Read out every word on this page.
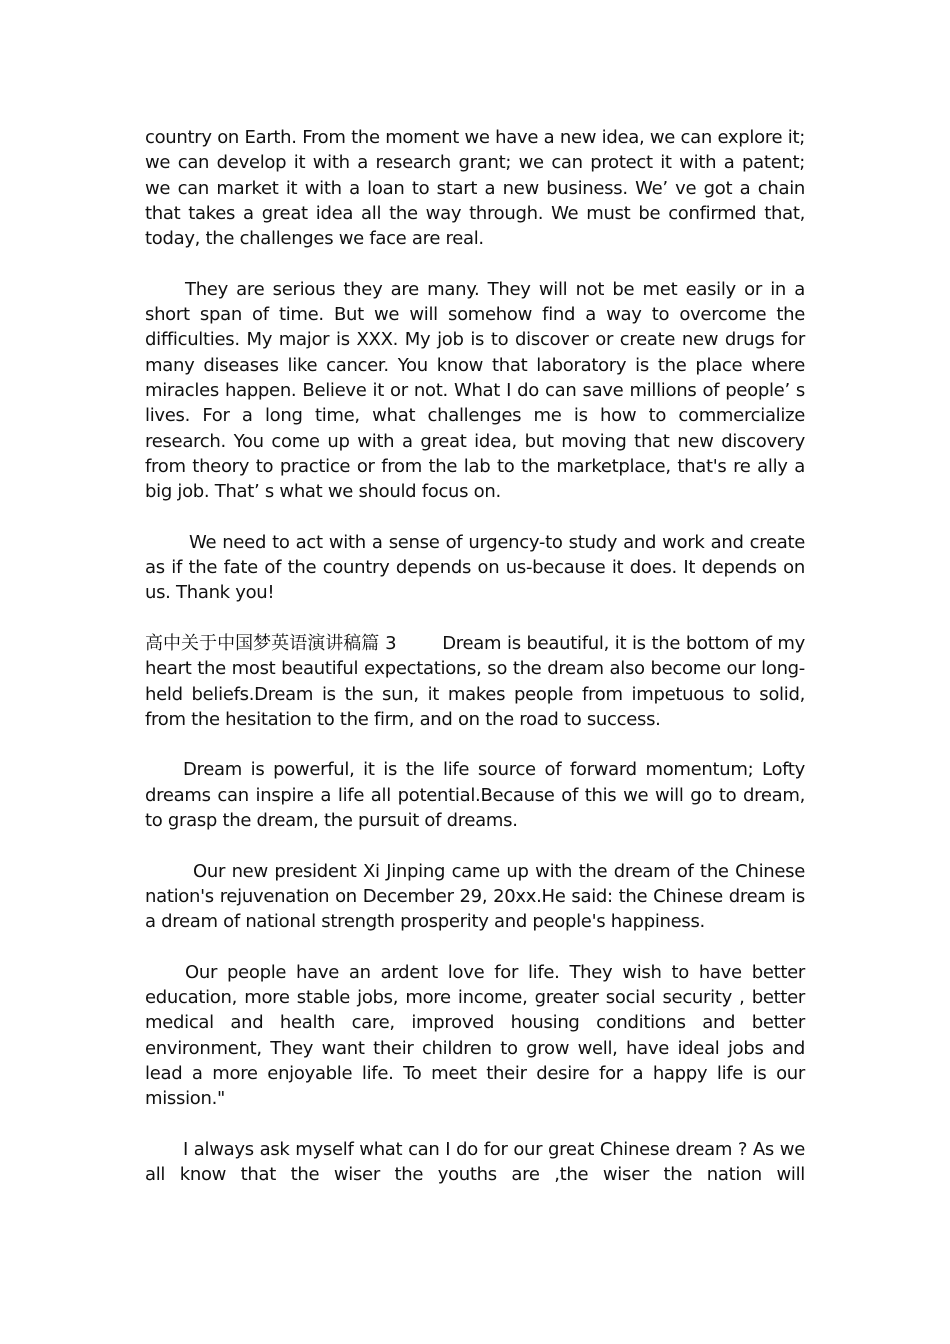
country on Earth. From the moment we have a new idea, we can explore it; we can develop it with a research grant; we can protect it with a patent; we can market it with a loan to start a new business. We’ ve got a chain that takes a great idea all the way through. We must be confirmed that, today, the challenges we face are real.

They are serious they are many. They will not be met easily or in a short span of time. But we will somehow find a way to overcome the difficulties. My major is XXX. My job is to discover or create new drugs for many diseases like cancer. You know that laboratory is the place where miracles happen. Believe it or not. What I do can save millions of people’ s lives. For a long time, what challenges me is how to commercialize research. You come up with a great idea, but moving that new discovery from theory to practice or from the lab to the marketplace, that's re ally a big job. That’ s what we should focus on.

We need to act with a sense of urgency-to study and work and create as if the fate of the country depends on us-because it does. It depends on us. Thank you!

高中关于中国梦英语演讲稿篇 3	Dream is beautiful, it is the bottom of my heart the most beautiful expectations, so the dream also become our long-held beliefs.Dream is the sun, it makes people from impetuous to solid, from the hesitation to the firm, and on the road to success.

Dream is powerful, it is the life source of forward momentum; Lofty dreams can inspire a life all potential.Because of this we will go to dream, to grasp the dream, the pursuit of dreams.

Our new president Xi Jinping came up with the dream of the Chinese nation's rejuvenation on December 29, 20xx.He said: the Chinese dream is a dream of national strength prosperity and people's happiness.

Our people have an ardent love for life. They wish to have better education, more stable jobs, more income, greater social security , better medical and health care, improved housing conditions and better environment, They want their children to grow well, have ideal jobs and lead a more enjoyable life. To meet their desire for a happy life is our mission."

I always ask myself what can I do for our great Chinese dream ? As we all know that the wiser the youths are ,the wiser the nation will
